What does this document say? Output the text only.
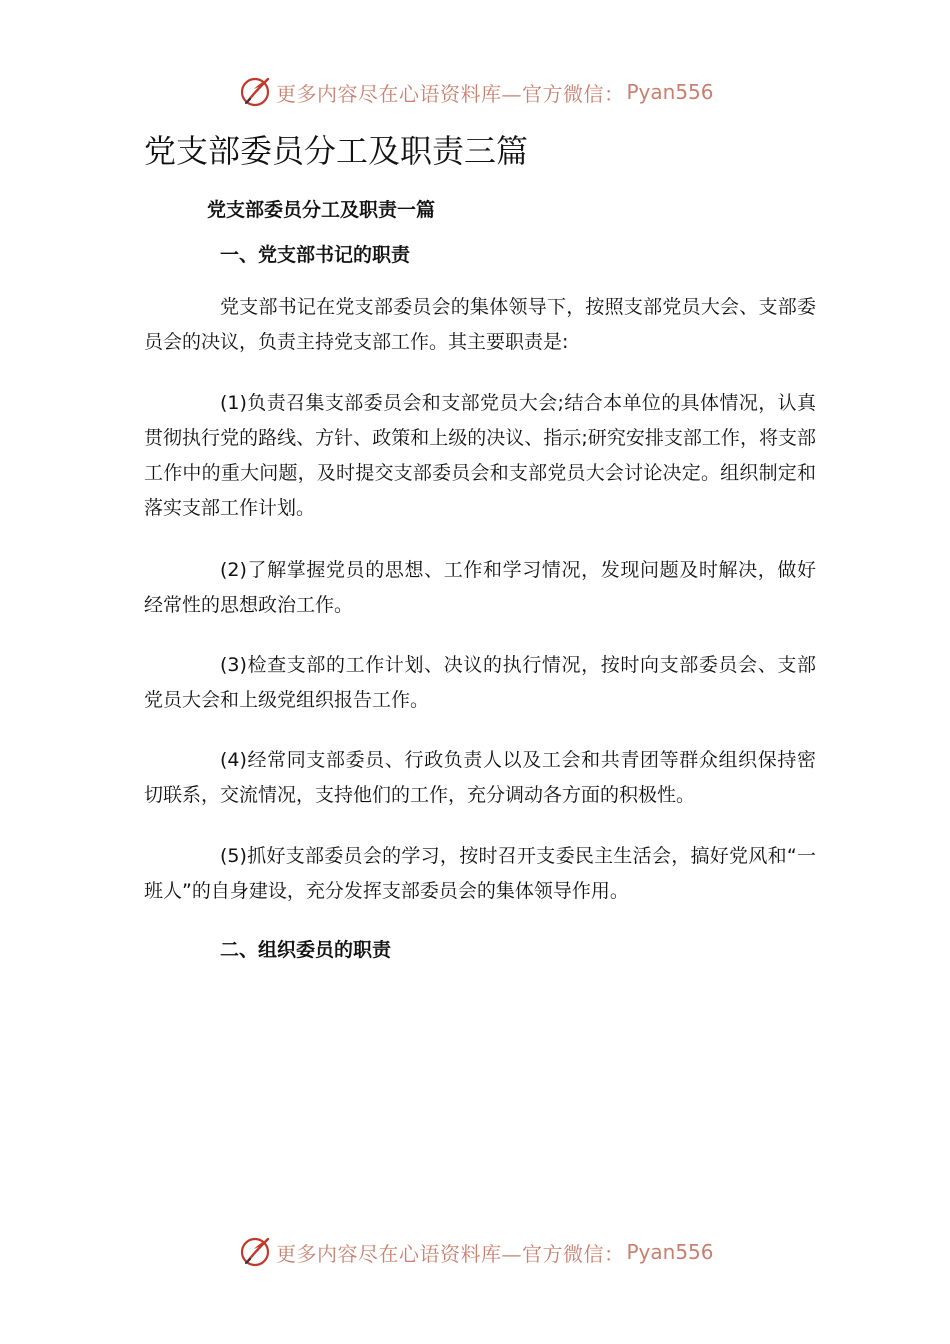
更多内容尽在心语资料库—官方微信： Pyan556
党支部委员分工及职责三篇
党支部委员分工及职责一篇
一、党支部书记的职责

党支部书记在党支部委员会的集体领导下，按照支部党员大会、支部委员会的决议，负责主持党支部工作。其主要职责是:

(1)负责召集支部委员会和支部党员大会;结合本单位的具体情况，认真贯彻执行党的路线、方针、政策和上级的决议、指示;研究安排支部工作，将支部工作中的重大问题，及时提交支部委员会和支部党员大会讨论决定。组织制定和落实支部工作计划。

(2)了解掌握党员的思想、工作和学习情况，发现问题及时解决，做好经常性的思想政治工作。

(3)检查支部的工作计划、决议的执行情况，按时向支部委员会、支部党员大会和上级党组织报告工作。

(4)经常同支部委员、行政负责人以及工会和共青团等群众组织保持密切联系，交流情况，支持他们的工作，充分调动各方面的积极性。

(5)抓好支部委员会的学习，按时召开支委民主生活会，搞好党风和“一班人”的自身建设，充分发挥支部委员会的集体领导作用。

二、组织委员的职责
更多内容尽在心语资料库—官方微信： Pyan556
